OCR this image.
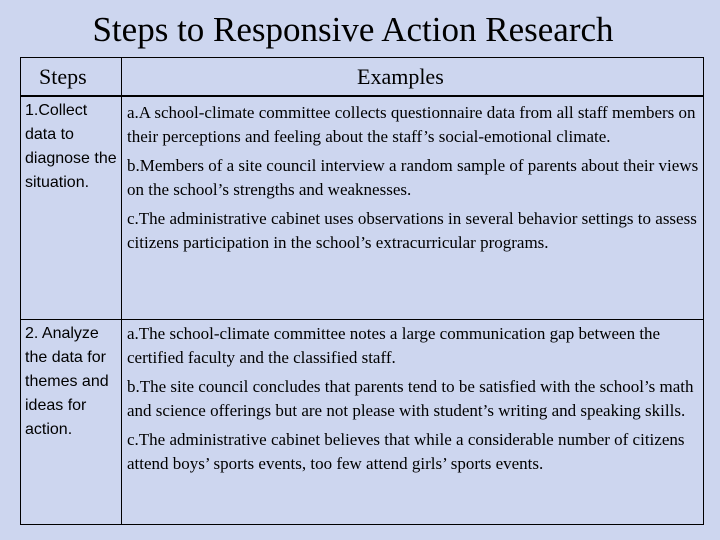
Steps to Responsive Action Research
Steps	Examples
1.Collect data to diagnose the situation.
a.A school-climate committee collects questionnaire data from all staff members on their perceptions and feeling about the staff’s social-emotional climate.
b.Members of a site council interview a random sample of parents about their views on the school’s strengths and weaknesses.
c.The administrative cabinet uses observations in several behavior settings to assess citizens participation in the school’s extracurricular programs.
2. Analyze the data for themes and ideas for action.
a.The school-climate committee notes a large communication gap between the certified faculty and the classified staff.
b.The site council concludes that parents tend to be satisfied with the school’s math and science offerings but are not please with student’s writing and speaking skills.
c.The administrative cabinet believes that while a considerable number of citizens attend boys’ sports events, too few attend girls’ sports events.
